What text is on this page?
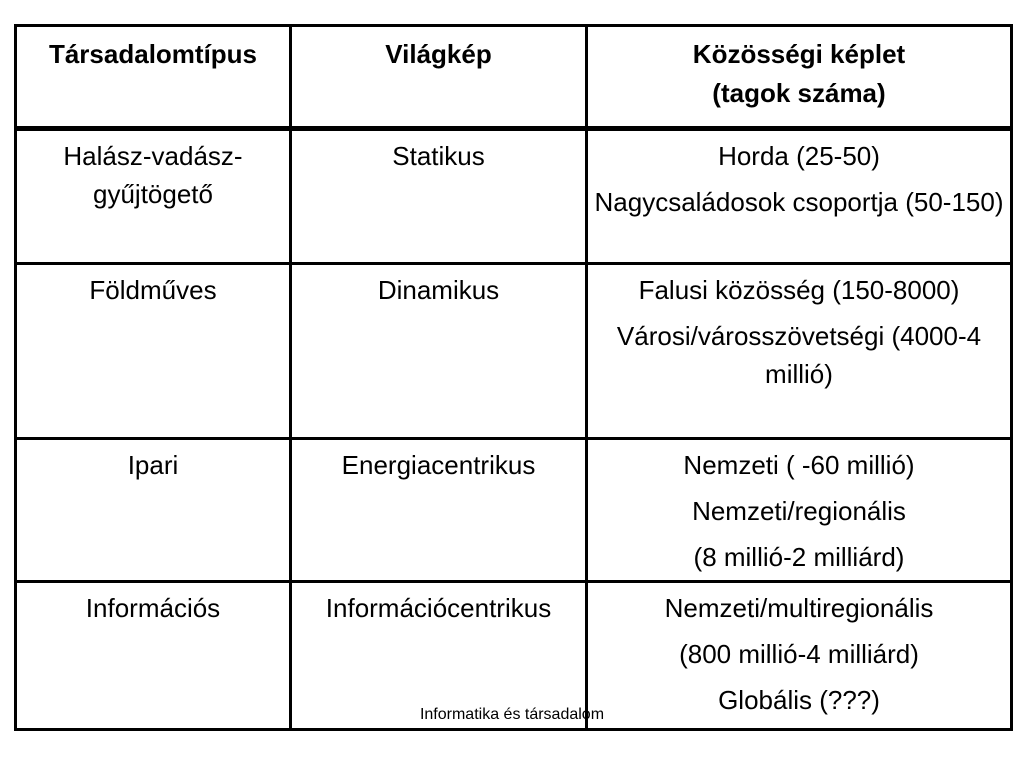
Társadalomtípus	Világkép	Közösségi képlet
(tagok száma)

Halász-vadász-gyűjtögető	Statikus	Horda (25-50)
Nagycsaládosok csoportja (50-150)

Földműves	Dinamikus	Falusi közösség (150-8000)
Városi/városszövetségi (4000-4 millió)

Ipari	Energiacentrikus	Nemzeti ( -60 millió)
Nemzeti/regionális
(8 millió-2 milliárd)

Információs	Információcentrikus	Nemzeti/multiregionális
(800 millió-4 milliárd)
Globális (???)
Informatika és társadalom
